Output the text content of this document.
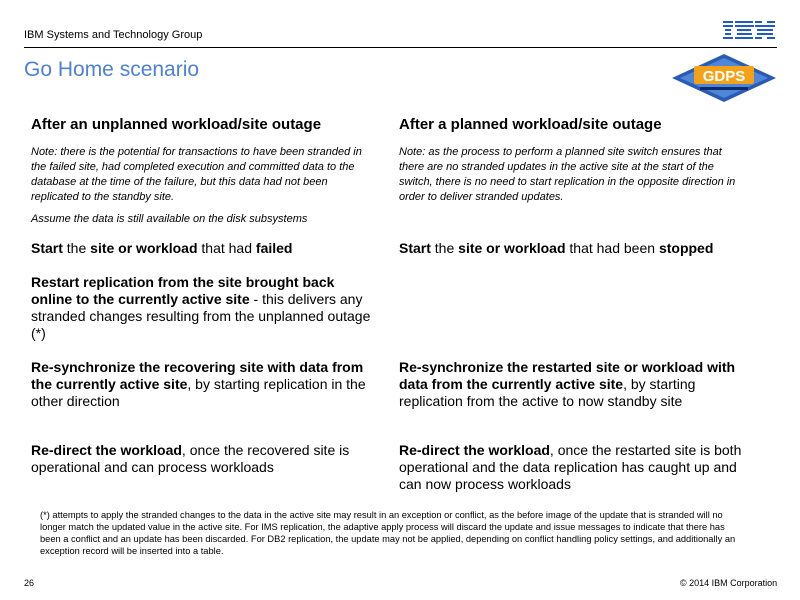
IBM Systems and Technology Group
Go Home scenario	GDPS
After an unplanned workload/site outage
Note: there is the potential for transactions to have been stranded in the failed site, had completed execution and committed data to the database at the time of the failure, but this data had not been replicated to the standby site.
Assume the data is still available on the disk subsystems
Start the site or workload that had failed
Restart replication from the site brought back online to the currently active site - this delivers any stranded changes resulting from the unplanned outage (*)
Re-synchronize the recovering site with data from the currently active site, by starting replication in the other direction
Re-direct the workload, once the recovered site is operational and can process workloads
After a planned workload/site outage
Note: as the process to perform a planned site switch ensures that there are no stranded updates in the active site at the start of the switch, there is no need to start replication in the opposite direction in order to deliver stranded updates.
Start the site or workload that had been stopped
Re-synchronize the restarted site or workload with data from the currently active site, by starting replication from the active to now standby site
Re-direct the workload, once the restarted site is both operational and the data replication has caught up and can now process workloads
(*) attempts to apply the stranded changes to the data in the active site may result in an exception or conflict, as the before image of the update that is stranded will no longer match the updated value in the active site. For IMS replication, the adaptive apply process will discard the update and issue messages to indicate that there has been a conflict and an update has been discarded. For DB2 replication, the update may not be applied, depending on conflict handling policy settings, and additionally an exception record will be inserted into a table.
26	© 2014 IBM Corporation
